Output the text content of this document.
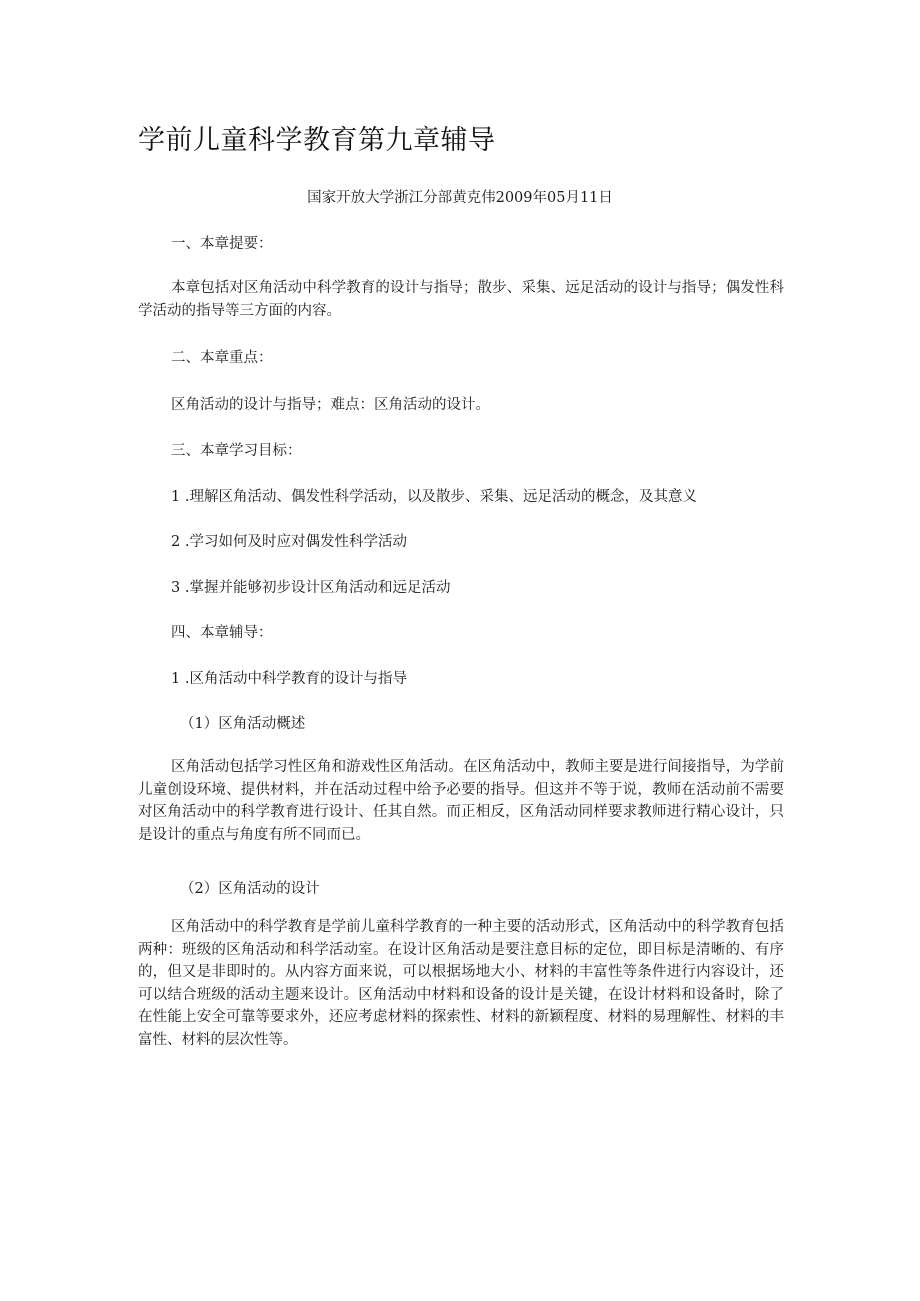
学前儿童科学教育第九章辅导
国家开放大学浙江分部黄克伟2009年05月11日
一、本章提要：
本章包括对区角活动中科学教育的设计与指导；散步、采集、远足活动的设计与指导；偶发性科学活动的指导等三方面的内容。
二、本章重点：
区角活动的设计与指导；难点：区角活动的设计。
三、本章学习目标：
1 .理解区角活动、偶发性科学活动，以及散步、采集、远足活动的概念，及其意义
2 .学习如何及时应对偶发性科学活动
3 .掌握并能够初步设计区角活动和远足活动
四、本章辅导：
1 .区角活动中科学教育的设计与指导
（1）区角活动概述
区角活动包括学习性区角和游戏性区角活动。在区角活动中，教师主要是进行间接指导，为学前儿童创设环境、提供材料，并在活动过程中给予必要的指导。但这并不等于说，教师在活动前不需要对区角活动中的科学教育进行设计、任其自然。而正相反，区角活动同样要求教师进行精心设计，只是设计的重点与角度有所不同而已。
（2）区角活动的设计
区角活动中的科学教育是学前儿童科学教育的一种主要的活动形式，区角活动中的科学教育包括两种：班级的区角活动和科学活动室。在设计区角活动是要注意目标的定位，即目标是清晰的、有序的，但又是非即时的。从内容方面来说，可以根据场地大小、材料的丰富性等条件进行内容设计，还可以结合班级的活动主题来设计。区角活动中材料和设备的设计是关键，在设计材料和设备时，除了在性能上安全可靠等要求外，还应考虑材料的探索性、材料的新颖程度、材料的易理解性、材料的丰富性、材料的层次性等。
